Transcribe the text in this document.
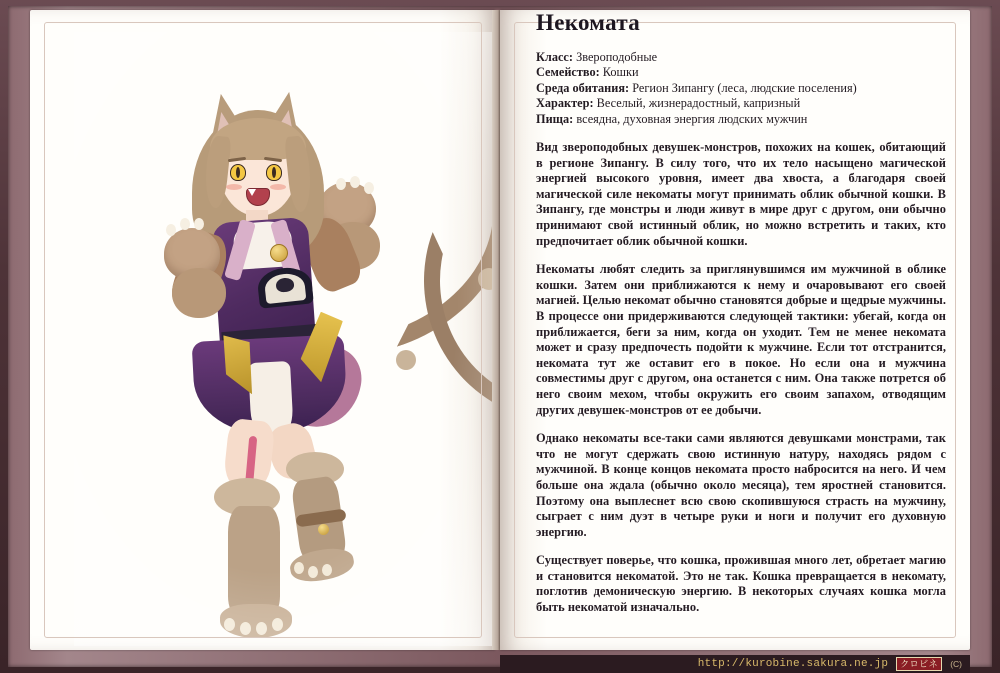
Некомата
Класс: Звероподобные
Семейство: Кошки
Среда обитания: Регион Зипангу (леса, людские поселения)
Характер: Веселый, жизнерадостный, капризный
Пища: всеядна, духовная энергия людских мужчин

Вид звероподобных девушек-монстров, похожих на кошек, обитающий в регионе Зипангу. В силу того, что их тело насыщено магической энергией высокого уровня, имеет два хвоста, а благодаря своей магической силе некоматы могут принимать облик обычной кошки. В Зипангу, где монстры и люди живут в мире друг с другом, они обычно принимают свой истинный облик, но можно встретить и таких, кто предпочитает облик обычной кошки.

Некоматы любят следить за приглянувшимся им мужчиной в облике кошки. Затем они приближаются к нему и очаровывают его своей магией. Целью некомат обычно становятся добрые и щедрые мужчины. В процессе они придерживаются следующей тактики: убегай, когда он приближается, беги за ним, когда он уходит. Тем не менее некомата может и сразу предпочесть подойти к мужчине. Если тот отстранится, некомата тут же оставит его в покое. Но если она и мужчина совместимы друг с другом, она останется с ним. Она также потрется об него своим мехом, чтобы окружить его своим запахом, отводящим других девушек-монстров от ее добычи.

Однако некоматы все-таки сами являются девушками монстрами, так что не могут сдержать свою истинную натуру, находясь рядом с мужчиной. В конце концов некомата просто набросится на него. И чем больше она ждала (обычно около месяца), тем яростней становится. Поэтому она выплеснет всю свою скопившуюся страсть на мужчину, сыграет с ним дуэт в четыре руки и ноги и получит его духовную энергию.

Существует поверье, что кошка, прожившая много лет, обретает магию и становится некоматой. Это не так. Кошка превращается в некомату, поглотив демоническую энергию. В некоторых случаях кошка могла быть некоматой изначально.

http://kurobine.sakura.ne.jp	クロビネ	(C)
